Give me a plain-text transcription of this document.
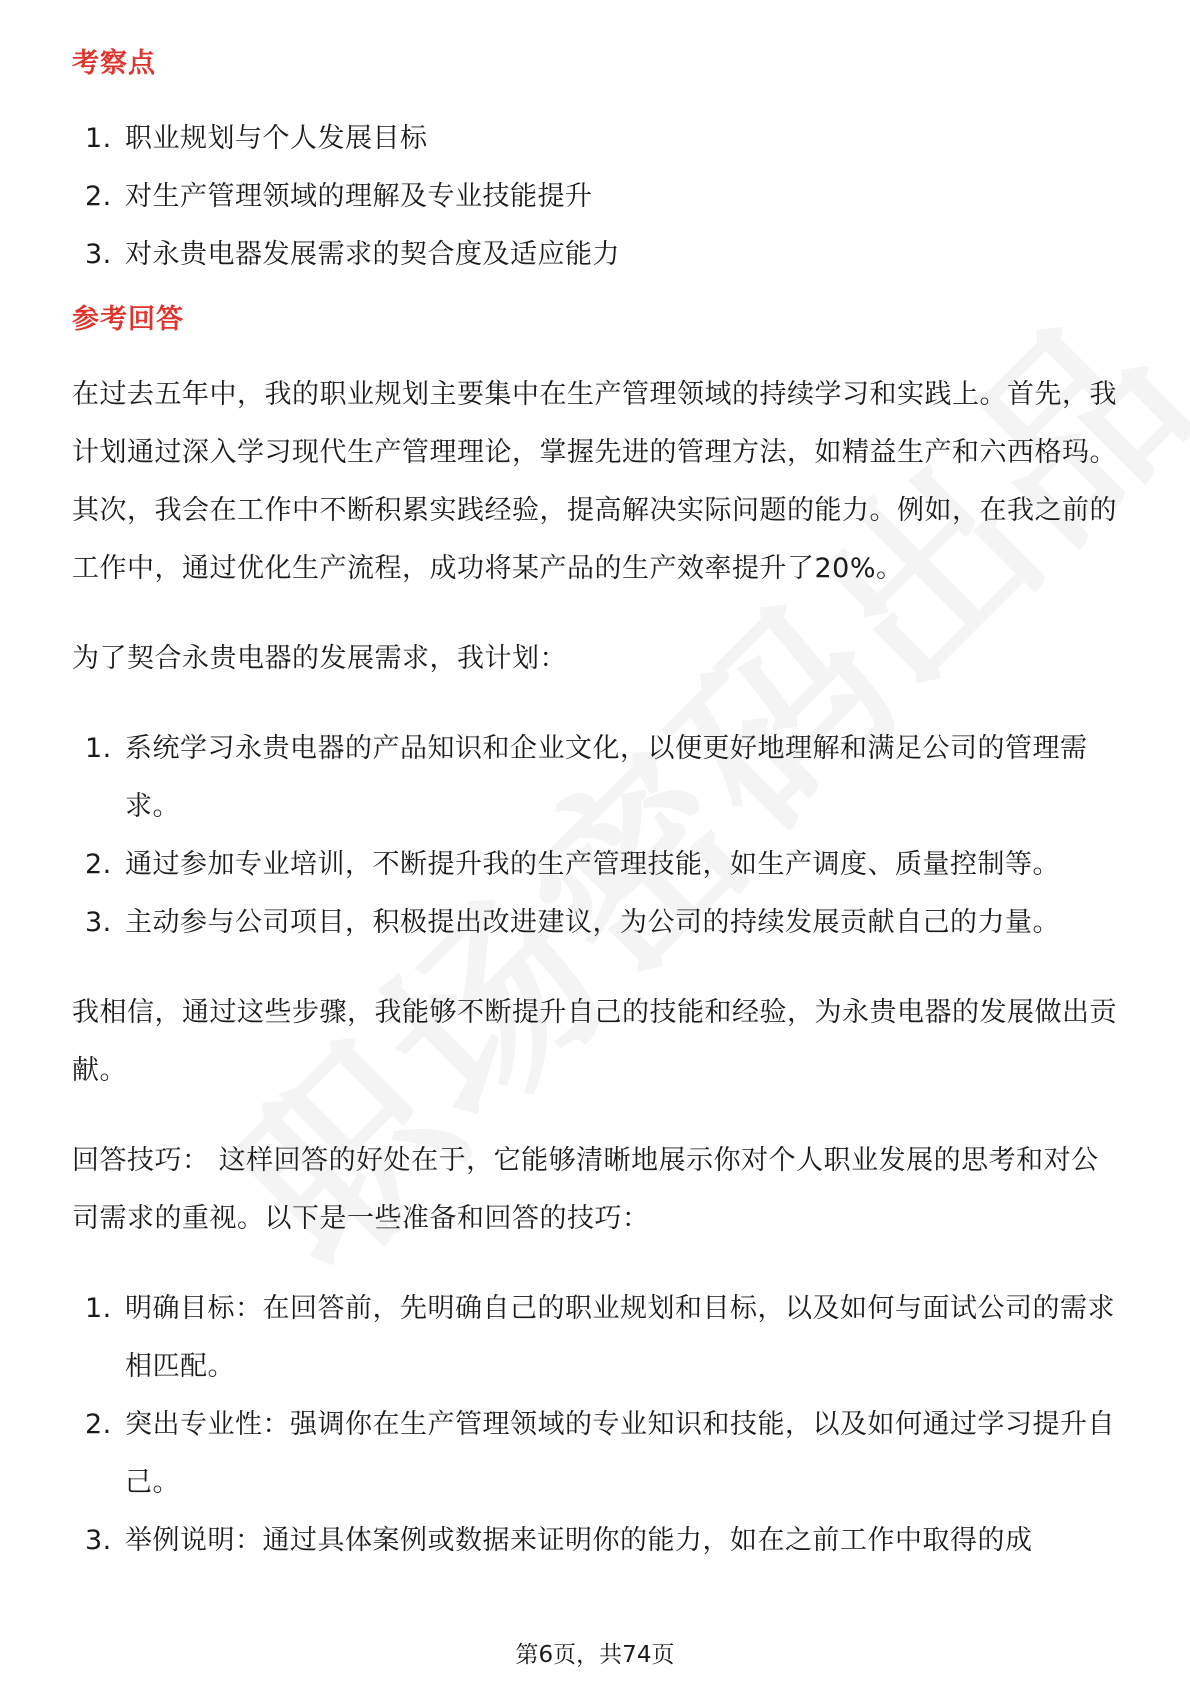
考察点
1. 职业规划与个人发展目标
2. 对生产管理领域的理解及专业技能提升
3. 对永贵电器发展需求的契合度及适应能力
参考回答

在过去五年中，我的职业规划主要集中在生产管理领域的持续学习和实践上。首先，我计划通过深入学习现代生产管理理论，掌握先进的管理方法，如精益生产和六西格玛。其次，我会在工作中不断积累实践经验，提高解决实际问题的能力。例如，在我之前的工作中，通过优化生产流程，成功将某产品的生产效率提升了20%。

为了契合永贵电器的发展需求，我计划：

1. 系统学习永贵电器的产品知识和企业文化，以便更好地理解和满足公司的管理需求。
2. 通过参加专业培训，不断提升我的生产管理技能，如生产调度、质量控制等。
3. 主动参与公司项目，积极提出改进建议，为公司的持续发展贡献自己的力量。

我相信，通过这些步骤，我能够不断提升自己的技能和经验，为永贵电器的发展做出贡献。

回答技巧： 这样回答的好处在于，它能够清晰地展示你对个人职业发展的思考和对公司需求的重视。以下是一些准备和回答的技巧：

1. 明确目标：在回答前，先明确自己的职业规划和目标，以及如何与面试公司的需求相匹配。
2. 突出专业性：强调你在生产管理领域的专业知识和技能，以及如何通过学习提升自己。
3. 举例说明：通过具体案例或数据来证明你的能力，如在之前工作中取得的成
第6页，共74页
